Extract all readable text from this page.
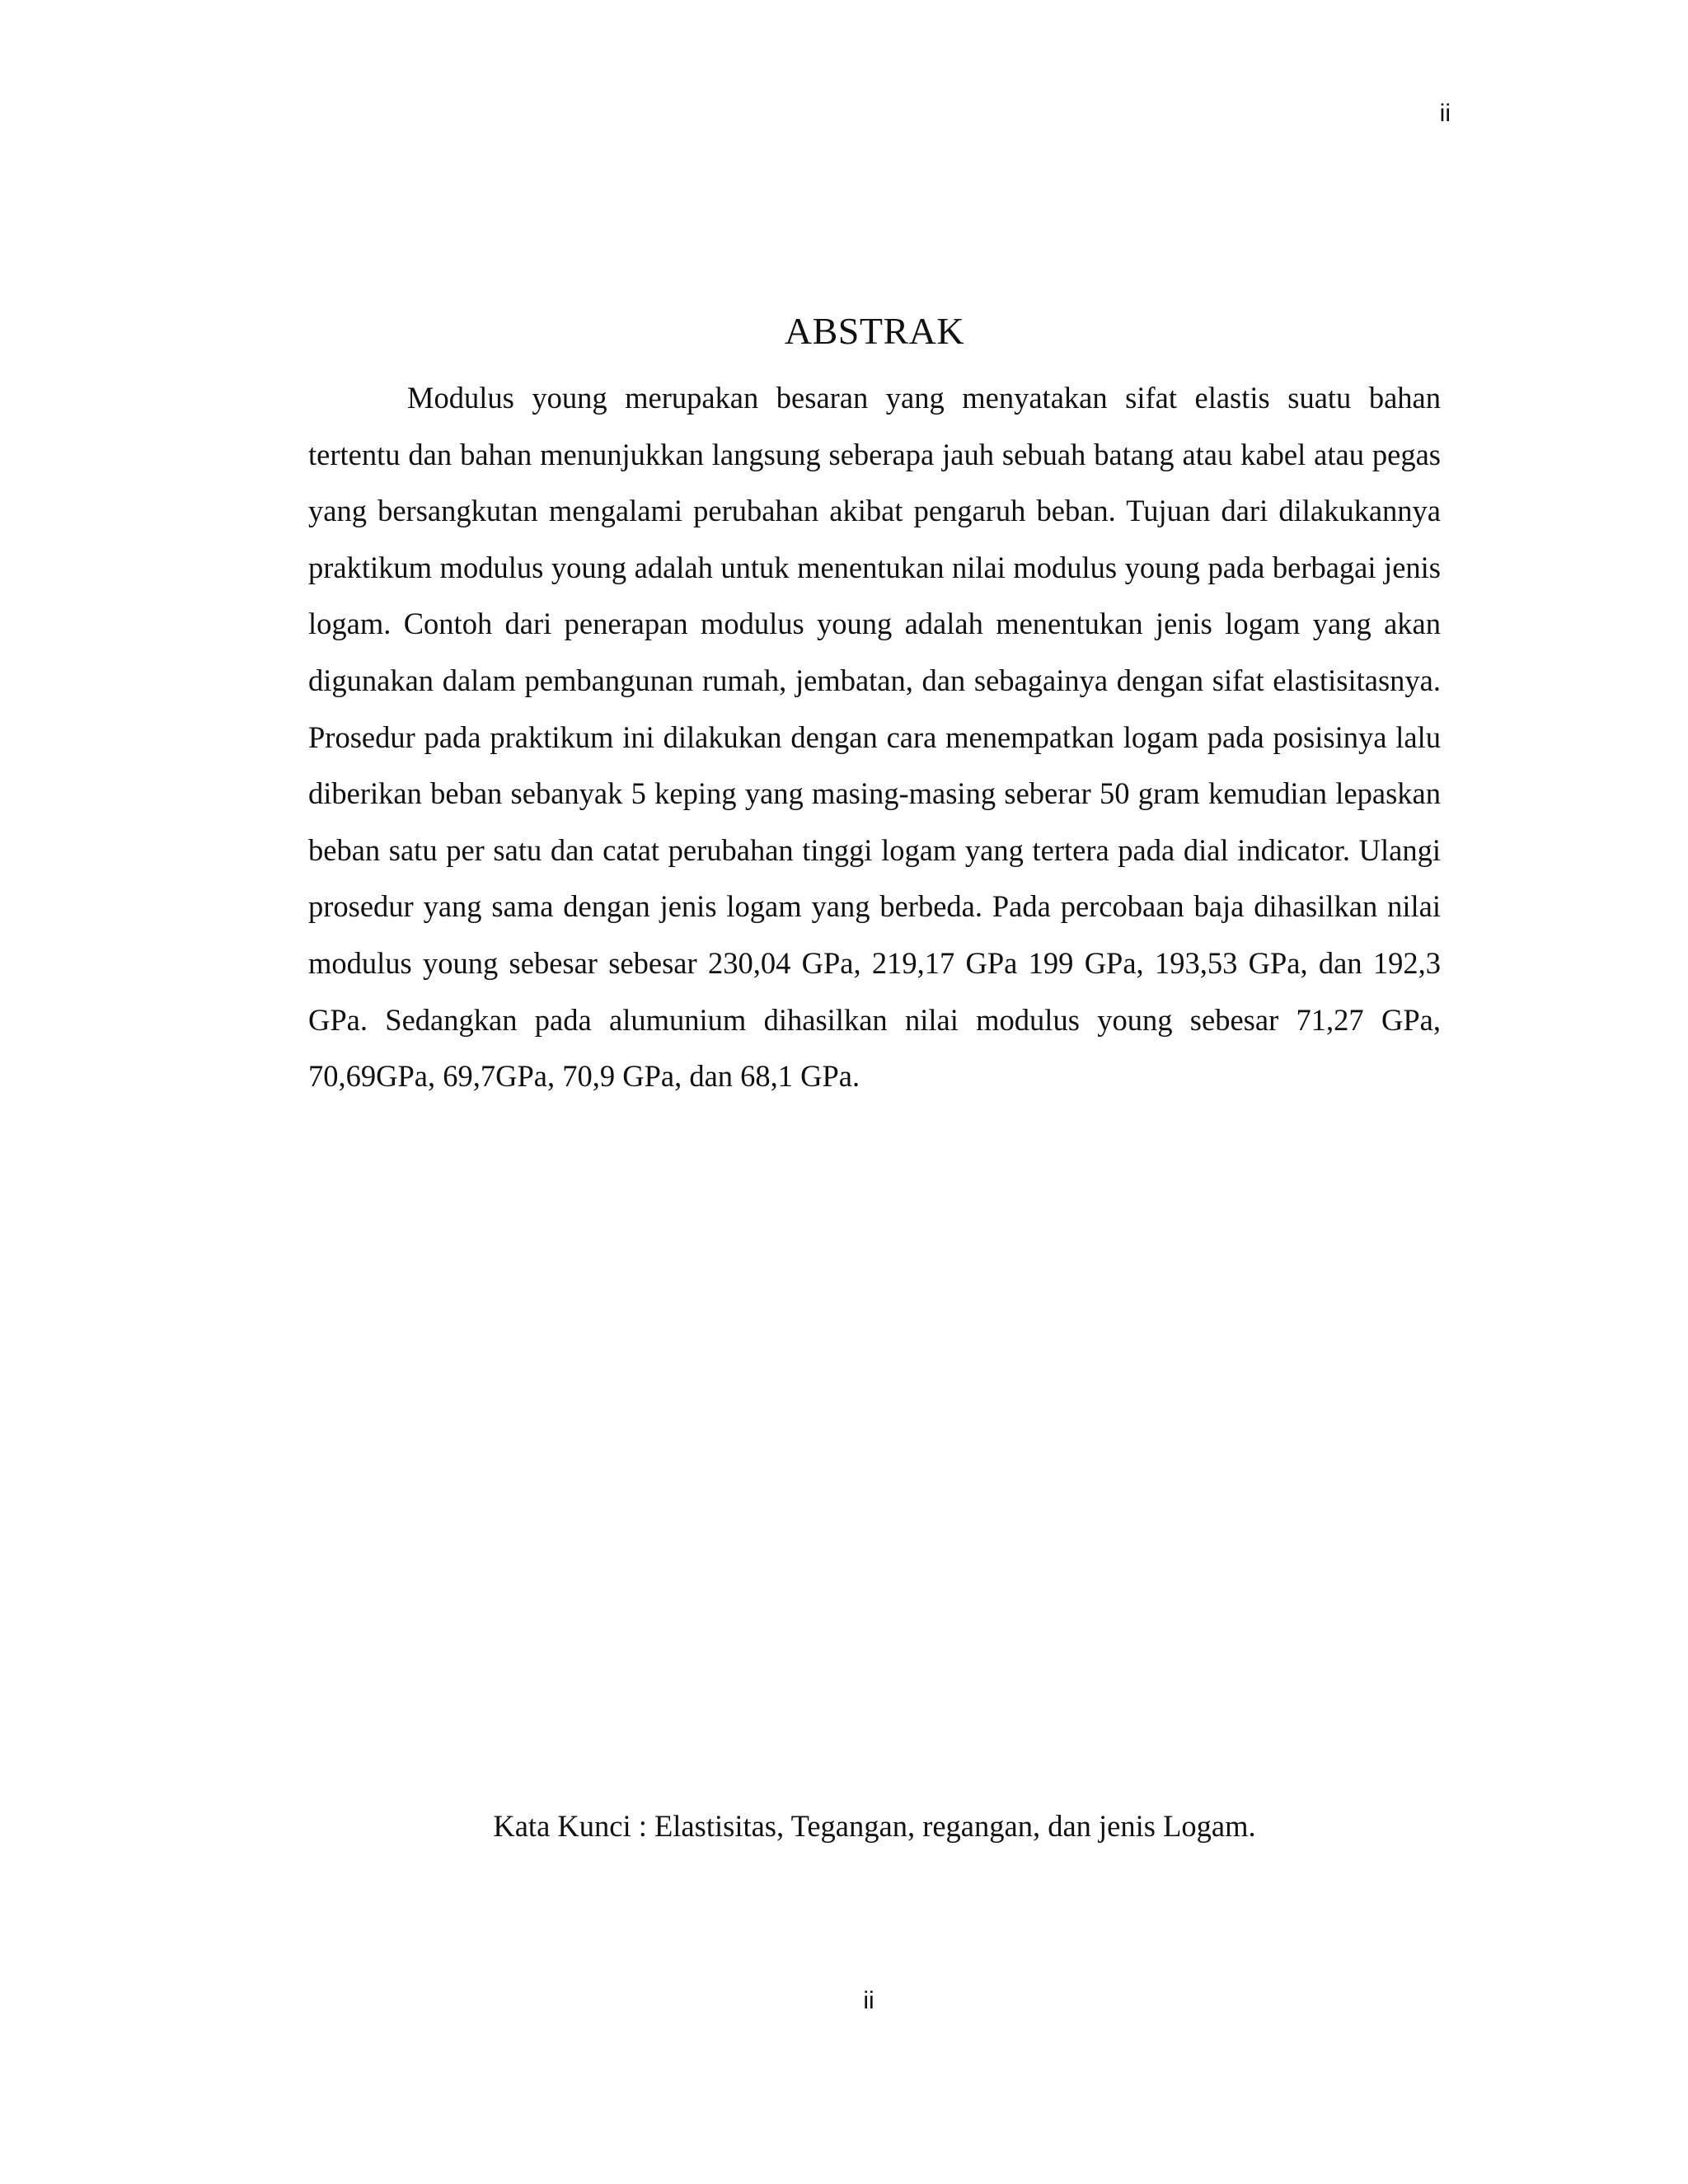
ii
ABSTRAK

Modulus young merupakan besaran yang menyatakan sifat elastis suatu bahan tertentu dan bahan menunjukkan langsung seberapa jauh sebuah batang atau kabel atau pegas yang bersangkutan mengalami perubahan akibat pengaruh beban. Tujuan dari dilakukannya praktikum modulus young adalah untuk menentukan nilai modulus young pada berbagai jenis logam. Contoh dari penerapan modulus young adalah menentukan jenis logam yang akan digunakan dalam pembangunan rumah, jembatan, dan sebagainya dengan sifat elastisitasnya. Prosedur pada praktikum ini dilakukan dengan cara menempatkan logam pada posisinya lalu diberikan beban sebanyak 5 keping yang masing-masing seberar 50 gram kemudian lepaskan beban satu per satu dan catat perubahan tinggi logam yang tertera pada dial indicator. Ulangi prosedur yang sama dengan jenis logam yang berbeda. Pada percobaan baja dihasilkan nilai modulus young sebesar sebesar 230,04 GPa, 219,17 GPa 199 GPa, 193,53 GPa, dan 192,3 GPa. Sedangkan pada alumunium dihasilkan nilai modulus young sebesar 71,27 GPa, 70,69GPa, 69,7GPa, 70,9 GPa, dan 68,1 GPa.

Kata Kunci : Elastisitas, Tegangan, regangan, dan jenis Logam.
ii
